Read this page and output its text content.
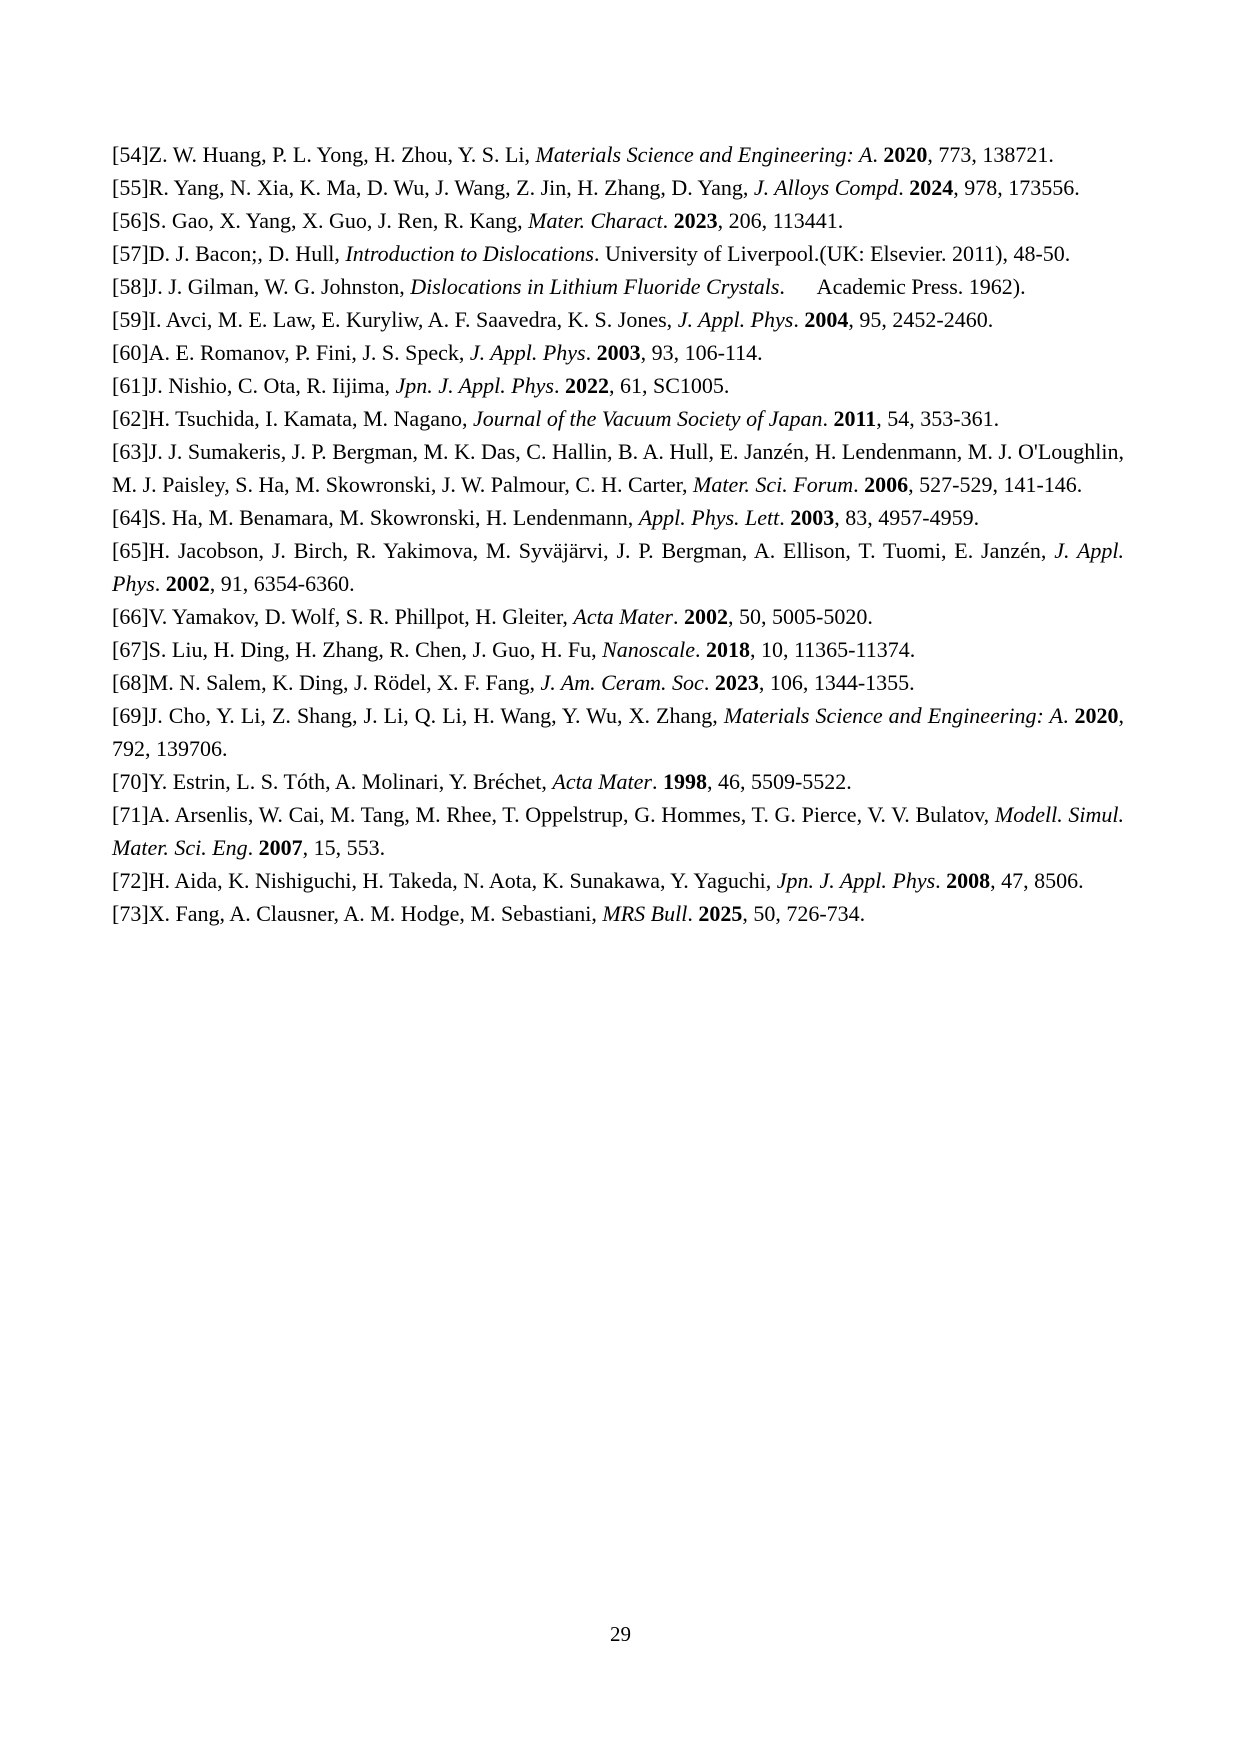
[54]Z. W. Huang, P. L. Yong, H. Zhou, Y. S. Li, Materials Science and Engineering: A. 2020, 773, 138721.

[55]R. Yang, N. Xia, K. Ma, D. Wu, J. Wang, Z. Jin, H. Zhang, D. Yang, J. Alloys Compd. 2024, 978, 173556.

[56]S. Gao, X. Yang, X. Guo, J. Ren, R. Kang, Mater. Charact. 2023, 206, 113441.

[57]D. J. Bacon;, D. Hull, Introduction to Dislocations. University of Liverpool.(UK: Elsevier. 2011), 48-50.

[58]J. J. Gilman, W. G. Johnston, Dislocations in Lithium Fluoride Crystals.      Academic Press. 1962).

[59]I. Avci, M. E. Law, E. Kuryliw, A. F. Saavedra, K. S. Jones, J. Appl. Phys. 2004, 95, 2452-2460.

[60]A. E. Romanov, P. Fini, J. S. Speck, J. Appl. Phys. 2003, 93, 106-114.

[61]J. Nishio, C. Ota, R. Iijima, Jpn. J. Appl. Phys. 2022, 61, SC1005.

[62]H. Tsuchida, I. Kamata, M. Nagano, Journal of the Vacuum Society of Japan. 2011, 54, 353-361.

[63]J. J. Sumakeris, J. P. Bergman, M. K. Das, C. Hallin, B. A. Hull, E. Janzén, H. Lendenmann, M. J. O'Loughlin, M. J. Paisley, S. Ha, M. Skowronski, J. W. Palmour, C. H. Carter, Mater. Sci. Forum. 2006, 527-529, 141-146.

[64]S. Ha, M. Benamara, M. Skowronski, H. Lendenmann, Appl. Phys. Lett. 2003, 83, 4957-4959.

[65]H. Jacobson, J. Birch, R. Yakimova, M. Syväjärvi, J. P. Bergman, A. Ellison, T. Tuomi, E. Janzén, J. Appl. Phys. 2002, 91, 6354-6360.

[66]V. Yamakov, D. Wolf, S. R. Phillpot, H. Gleiter, Acta Mater. 2002, 50, 5005-5020.

[67]S. Liu, H. Ding, H. Zhang, R. Chen, J. Guo, H. Fu, Nanoscale. 2018, 10, 11365-11374.

[68]M. N. Salem, K. Ding, J. Rödel, X. F. Fang, J. Am. Ceram. Soc. 2023, 106, 1344-1355.

[69]J. Cho, Y. Li, Z. Shang, J. Li, Q. Li, H. Wang, Y. Wu, X. Zhang, Materials Science and Engineering: A. 2020, 792, 139706.

[70]Y. Estrin, L. S. Tóth, A. Molinari, Y. Bréchet, Acta Mater. 1998, 46, 5509-5522.

[71]A. Arsenlis, W. Cai, M. Tang, M. Rhee, T. Oppelstrup, G. Hommes, T. G. Pierce, V. V. Bulatov, Modell. Simul. Mater. Sci. Eng. 2007, 15, 553.

[72]H. Aida, K. Nishiguchi, H. Takeda, N. Aota, K. Sunakawa, Y. Yaguchi, Jpn. J. Appl. Phys. 2008, 47, 8506.

[73]X. Fang, A. Clausner, A. M. Hodge, M. Sebastiani, MRS Bull. 2025, 50, 726-734.

29
